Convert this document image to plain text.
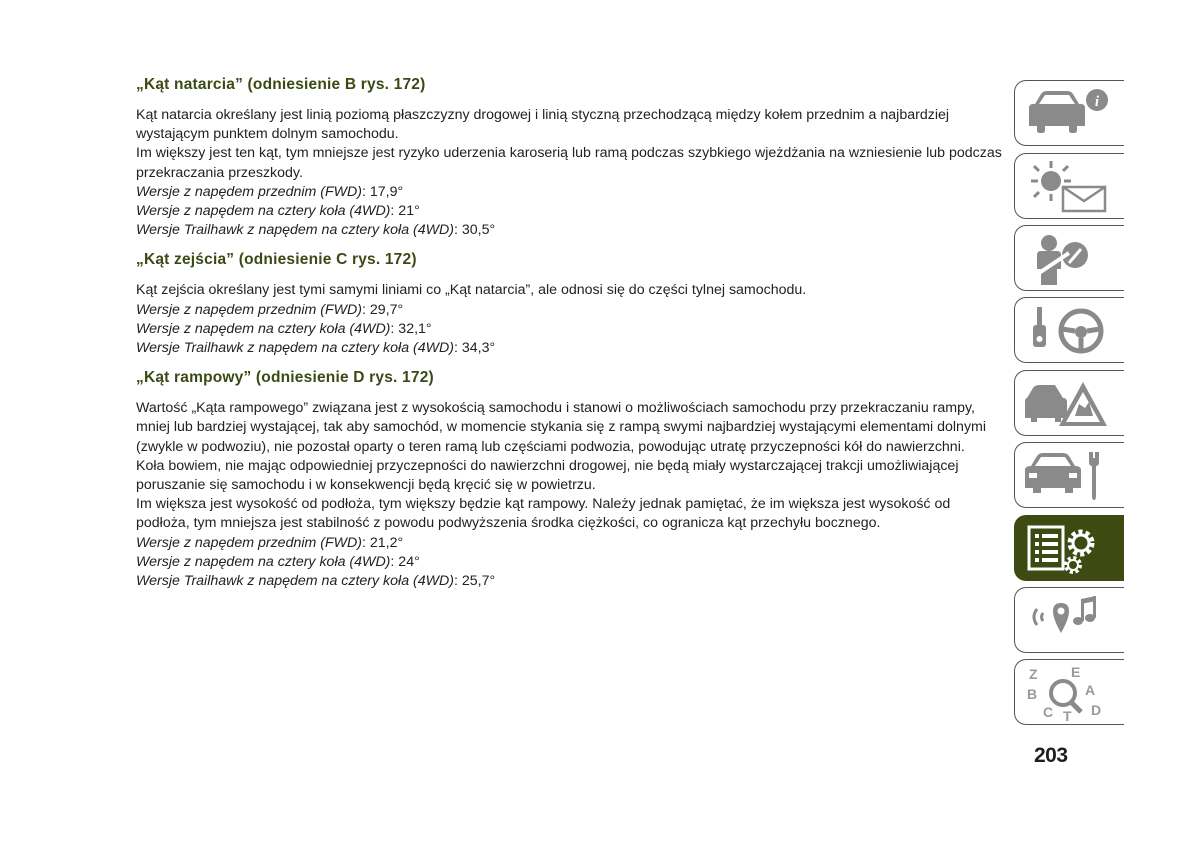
„Kąt natarcia” (odniesienie B rys. 172)

Kąt natarcia określany jest linią poziomą płaszczyzny drogowej i linią styczną przechodzącą między kołem przednim a najbardziej wystającym punktem dolnym samochodu.

Im większy jest ten kąt, tym mniejsze jest ryzyko uderzenia karoserią lub ramą podczas szybkiego wjeżdżania na wzniesienie lub podczas przekraczania przeszkody.

Wersje z napędem przednim (FWD): 17,9°

Wersje z napędem na cztery koła (4WD): 21°

Wersje Trailhawk z napędem na cztery koła (4WD): 30,5°

„Kąt zejścia” (odniesienie C rys. 172)

Kąt zejścia określany jest tymi samymi liniami co „Kąt natarcia”, ale odnosi się do części tylnej samochodu.

Wersje z napędem przednim (FWD): 29,7°

Wersje z napędem na cztery koła (4WD): 32,1°

Wersje Trailhawk z napędem na cztery koła (4WD): 34,3°

„Kąt rampowy” (odniesienie D rys. 172)

Wartość „Kąta rampowego” związana jest z wysokością samochodu i stanowi o możliwościach samochodu przy przekraczaniu rampy, mniej lub bardziej wystającej, tak aby samochód, w momencie stykania się z rampą swymi najbardziej wystającymi elementami dolnymi (zwykle w podwoziu), nie pozostał oparty o teren ramą lub częściami podwozia, powodując utratę przyczepności kół do nawierzchni.

Koła bowiem, nie mając odpowiedniej przyczepności do nawierzchni drogowej, nie będą miały wystarczającej trakcji umożliwiającej poruszanie się samochodu i w konsekwencji będą kręcić się w powietrzu.

Im większa jest wysokość od podłoża, tym większy będzie kąt rampowy. Należy jednak pamiętać, że im większa jest wysokość od podłoża, tym mniejsza jest stabilność z powodu podwyższenia środka ciężkości, co ogranicza kąt przechyłu bocznego.

Wersje z napędem przednim (FWD): 21,2°

Wersje z napędem na cztery koła (4WD): 24°

Wersje Trailhawk z napędem na cztery koła (4WD): 25,7°

i
Z E
B	A
C T D
203
